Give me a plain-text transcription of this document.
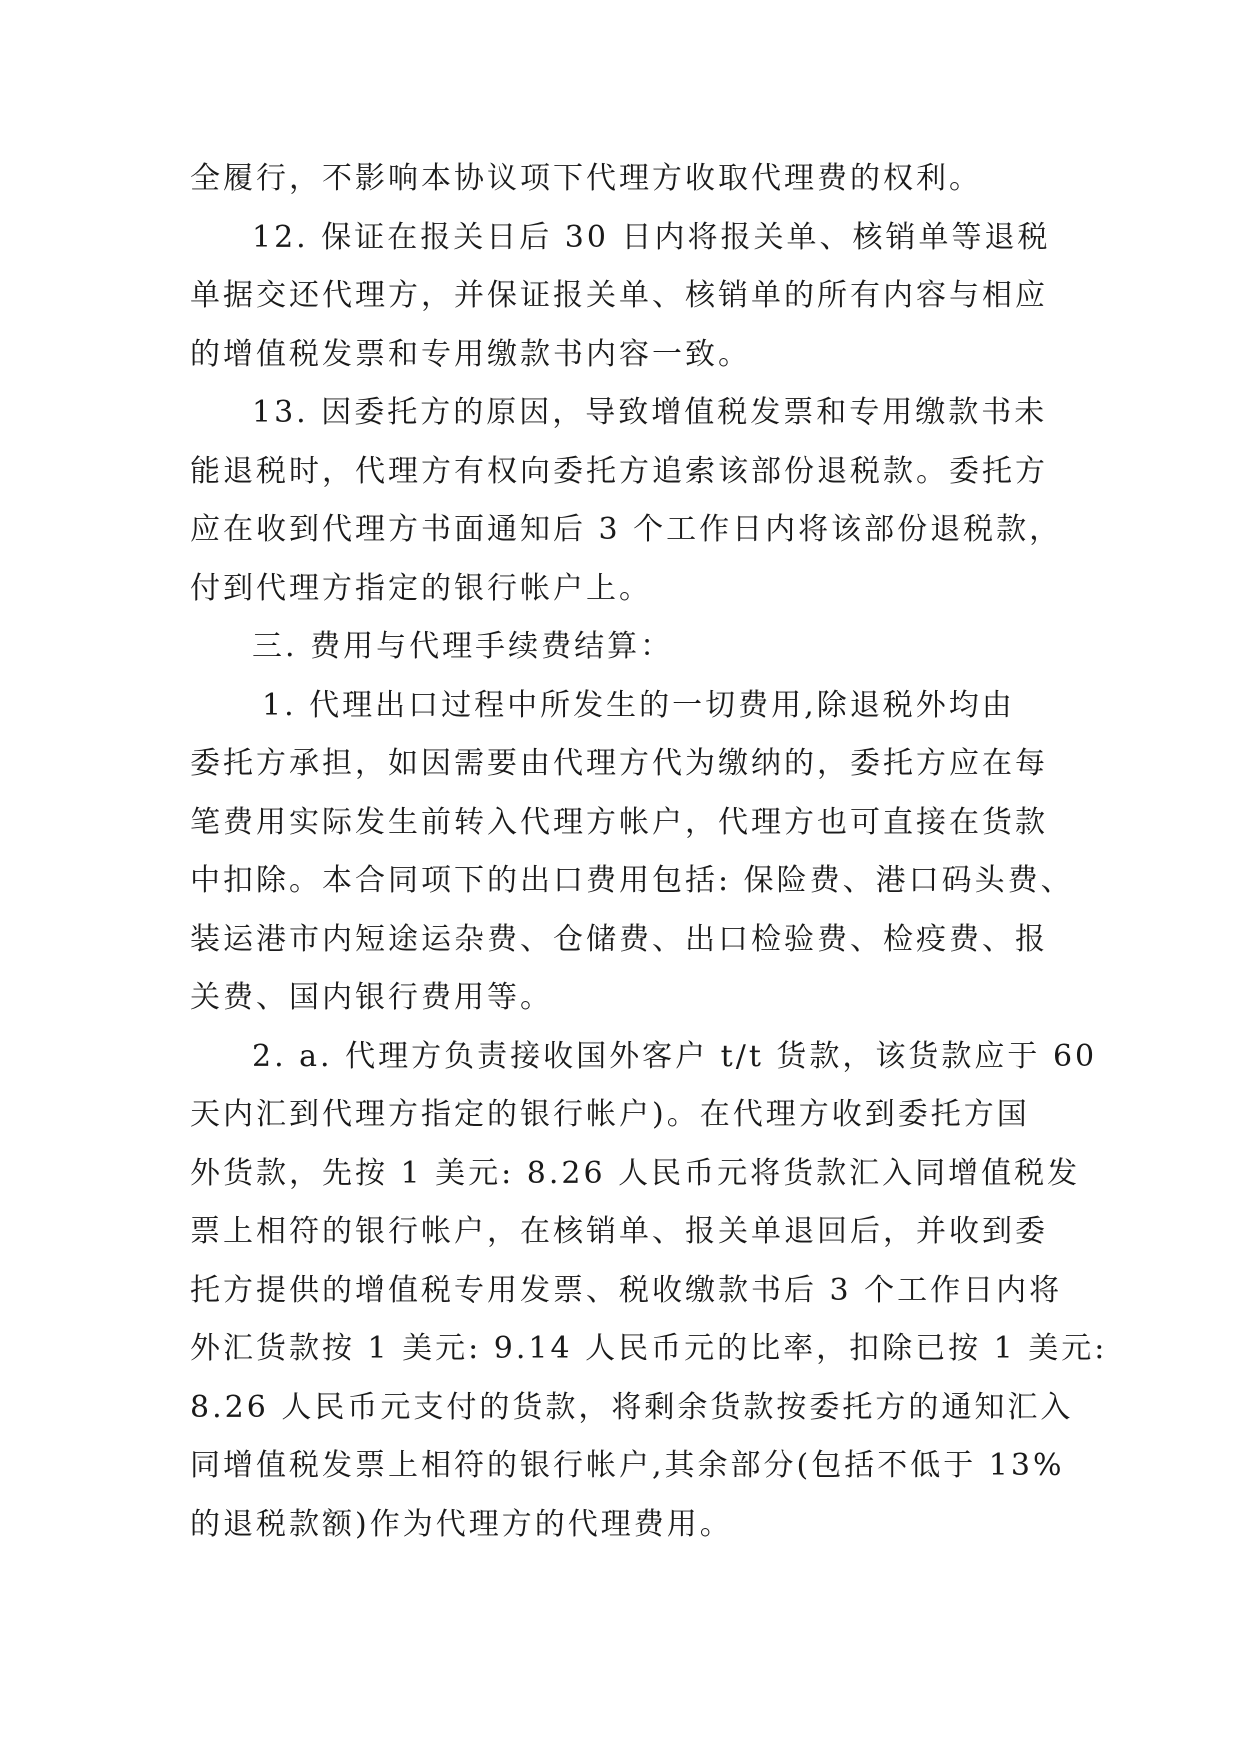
全履行，不影响本协议项下代理方收取代理费的权利。
12. 保证在报关日后 30 日内将报关单、核销单等退税
单据交还代理方，并保证报关单、核销单的所有内容与相应
的增值税发票和专用缴款书内容一致。
13. 因委托方的原因，导致增值税发票和专用缴款书未
能退税时，代理方有权向委托方追索该部份退税款。委托方
应在收到代理方书面通知后 3 个工作日内将该部份退税款，
付到代理方指定的银行帐户上。
三. 费用与代理手续费结算：
1. 代理出口过程中所发生的一切费用,除退税外均由
委托方承担，如因需要由代理方代为缴纳的，委托方应在每
笔费用实际发生前转入代理方帐户，代理方也可直接在货款
中扣除。本合同项下的出口费用包括: 保险费、港口码头费、
装运港市内短途运杂费、仓储费、出口检验费、检疫费、报
关费、国内银行费用等。
2. a. 代理方负责接收国外客户 t/t 货款，该货款应于 60
天内汇到代理方指定的银行帐户)。在代理方收到委托方国
外货款，先按 1 美元: 8.26 人民币元将货款汇入同增值税发
票上相符的银行帐户，在核销单、报关单退回后，并收到委
托方提供的增值税专用发票、税收缴款书后 3 个工作日内将
外汇货款按 1 美元: 9.14 人民币元的比率，扣除已按 1 美元:
8.26 人民币元支付的货款，将剩余货款按委托方的通知汇入
同增值税发票上相符的银行帐户,其余部分(包括不低于 13%
的退税款额)作为代理方的代理费用。
